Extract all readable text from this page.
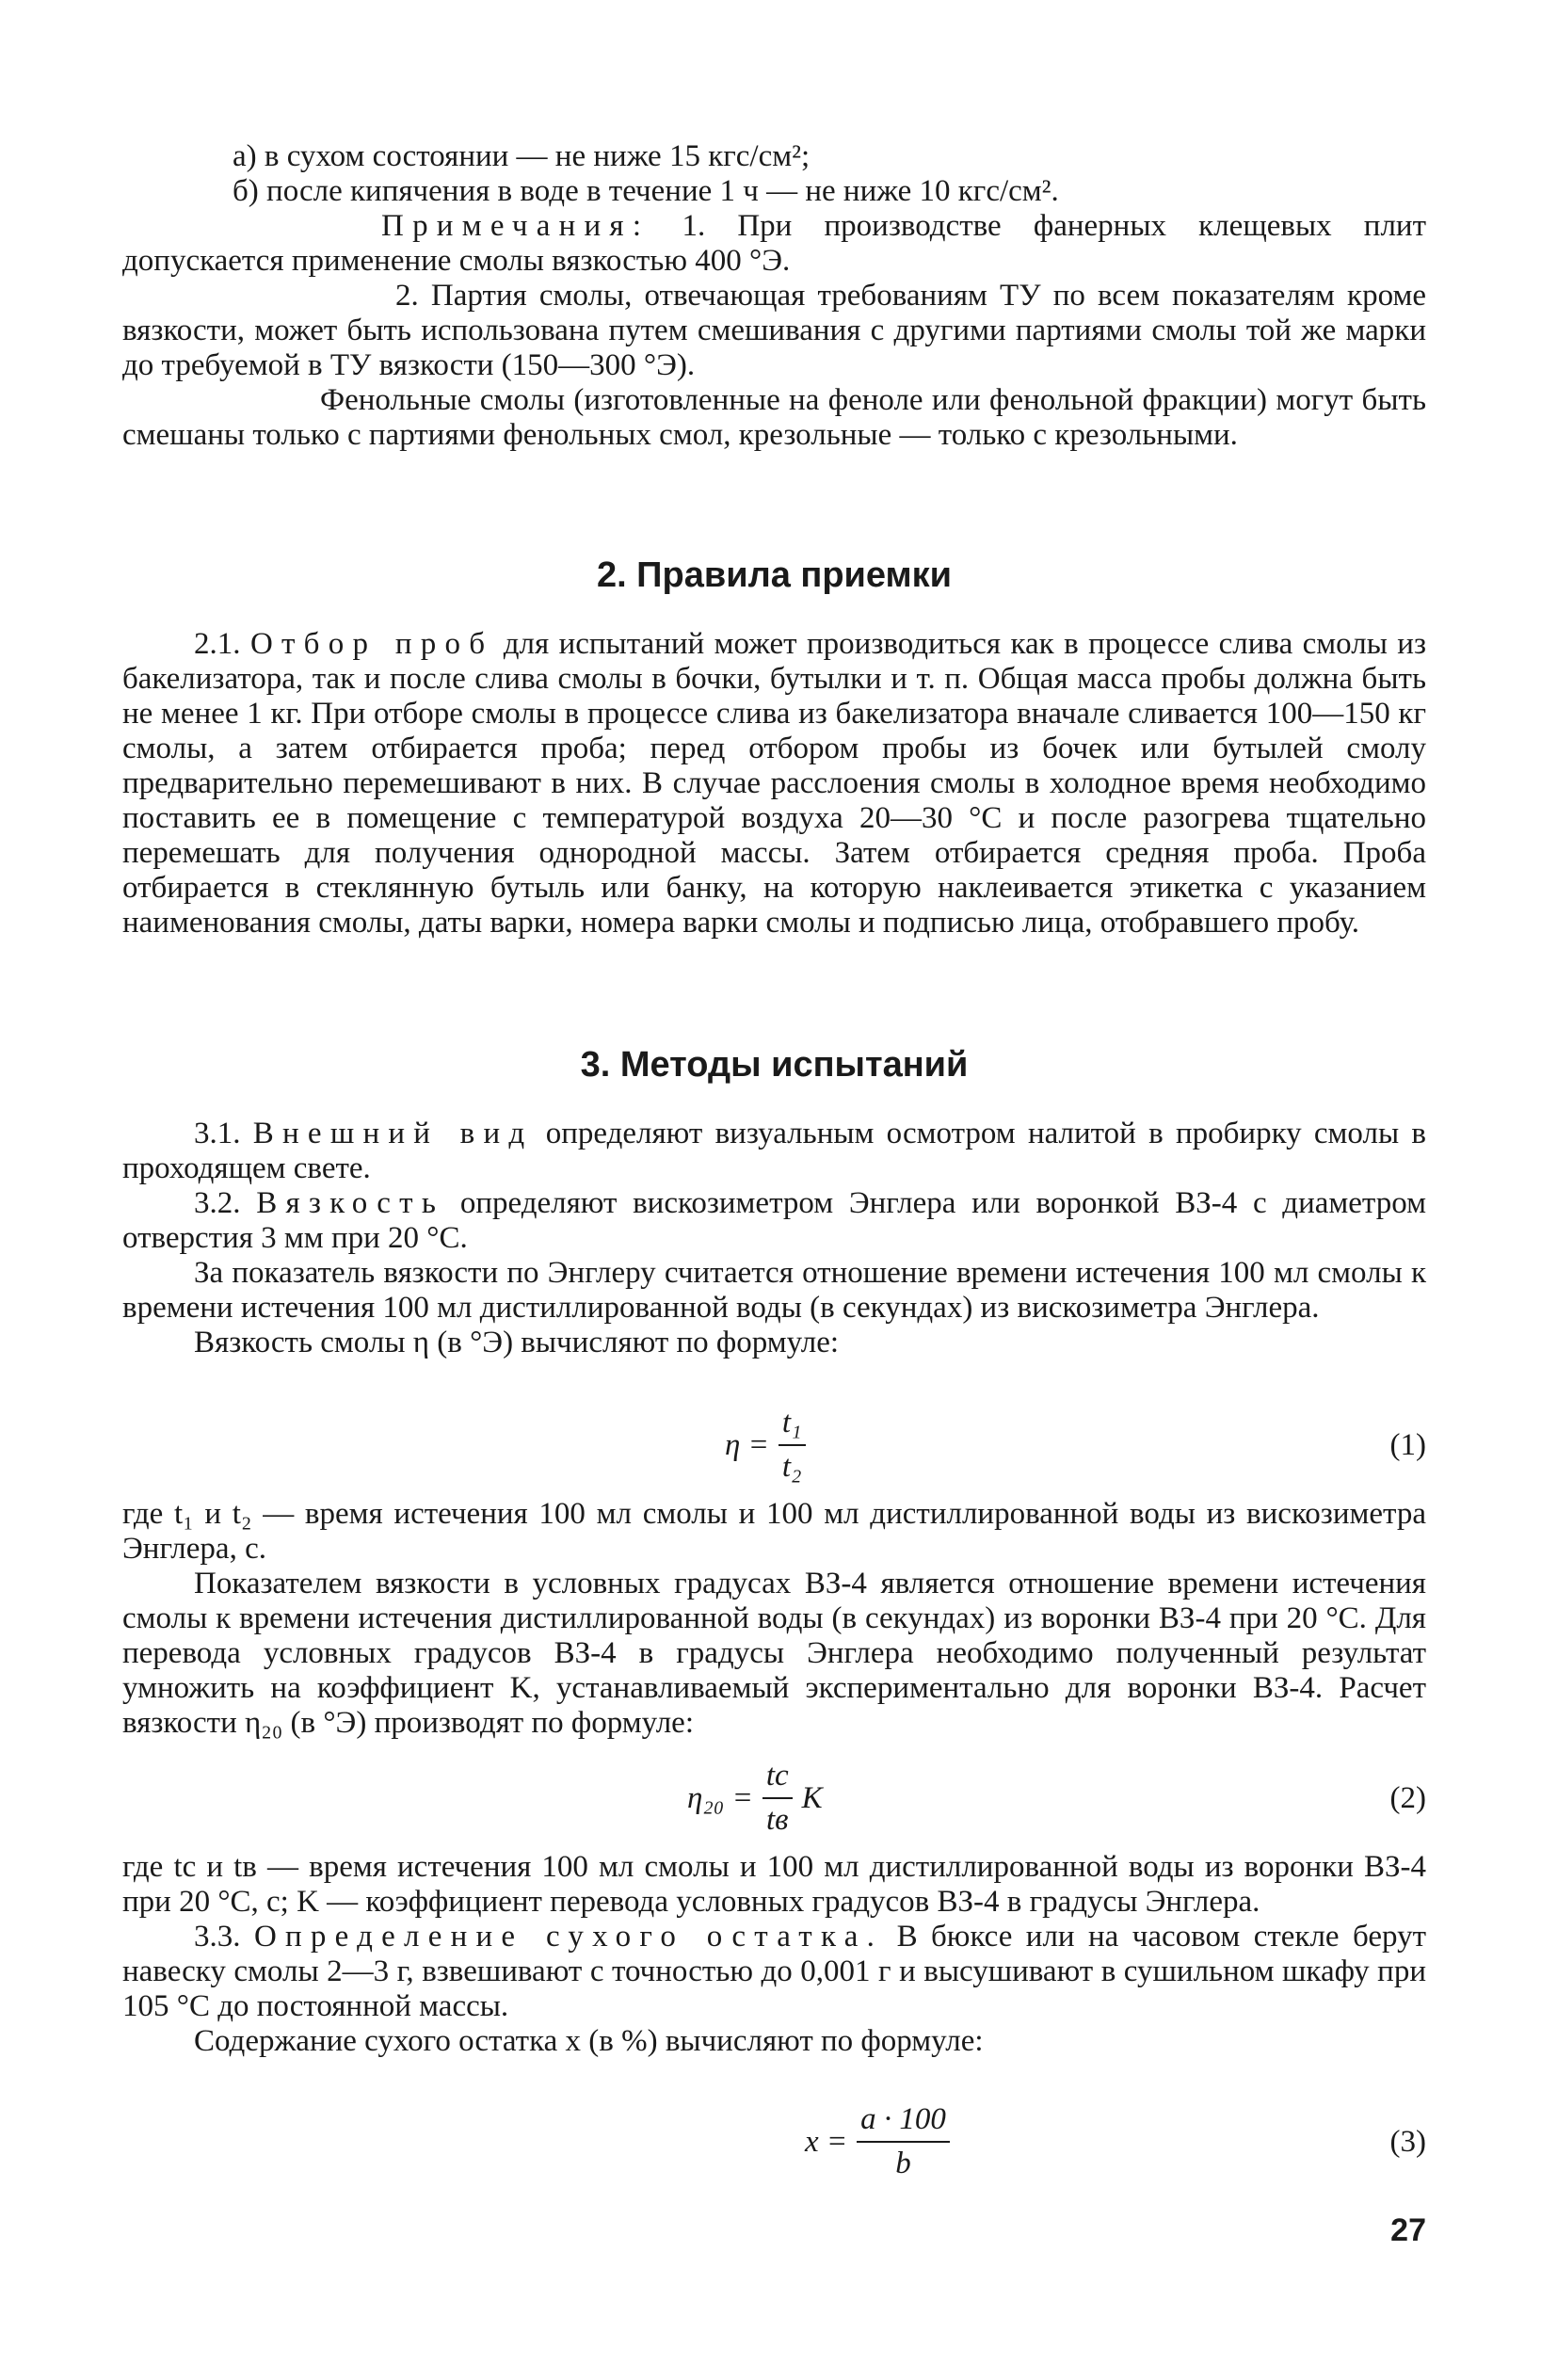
а) в сухом состоянии — не ниже 15 кгс/см²;

б) после кипячения в воде в течение 1 ч — не ниже 10 кгс/см².

Примечания: 1. При производстве фанерных клещевых плит допускается применение смолы вязкостью 400 °Э.

2. Партия смолы, отвечающая требованиям ТУ по всем показателям кроме вязкости, может быть использована путем смешивания с другими партиями смолы той же марки до требуемой в ТУ вязкости (150—300 °Э).

Фенольные смолы (изготовленные на феноле или фенольной фракции) могут быть смешаны только с партиями фенольных смол, крезольные — только с крезольными.

2. Правила приемки

2.1. Отбор проб для испытаний может производиться как в процессе слива смолы из бакелизатора, так и после слива смолы в бочки, бутылки и т. п. Общая масса пробы должна быть не менее 1 кг. При отборе смолы в процессе слива из бакелизатора вначале сливается 100—150 кг смолы, а затем отбирается проба; перед отбором пробы из бочек или бутылей смолу предварительно перемешивают в них. В случае расслоения смолы в холодное время необходимо поставить ее в помещение с температурой воздуха 20—30 °С и после разогрева тщательно перемешать для получения однородной массы. Затем отбирается средняя проба. Проба отбирается в стеклянную бутыль или банку, на которую наклеивается этикетка с указанием наименования смолы, даты варки, номера варки смолы и подписью лица, отобравшего пробу.

3. Методы испытаний

3.1. Внешний вид определяют визуальным осмотром налитой в пробирку смолы в проходящем свете.

3.2. Вязкость определяют вискозиметром Энглера или воронкой ВЗ-4 с диаметром отверстия 3 мм при 20 °С.

За показатель вязкости по Энглеру считается отношение времени истечения 100 мл смолы к времени истечения 100 мл дистиллированной воды (в секундах) из вискозиметра Энглера.

Вязкость смолы η (в °Э) вычисляют по формуле:

$\eta = \frac{\text{t₁}}{\text{t₂}}$	(1)

где t₁ и t₂ — время истечения 100 мл смолы и 100 мл дистиллированной воды из вискозиметра Энглера, с.

Показателем вязкости в условных градусах ВЗ-4 является отношение времени истечения смолы к времени истечения дистиллированной воды (в секундах) из воронки ВЗ-4 при 20 °С. Для перевода условных градусов ВЗ-4 в градусы Энглера необходимо полученный результат умножить на коэффициент K, устанавливаемый экспериментально для воронки ВЗ-4. Расчет вязкости η₂₀ (в °Э) производят по формуле:

$\eta_{20} = \frac{tс}{tв}$ K	(2)

где tс и tв — время истечения 100 мл смолы и 100 мл дистиллированной воды из воронки ВЗ-4 при 20 °С, с; K — коэффициент перевода условных градусов ВЗ-4 в градусы Энглера.

3.3. Определение сухого остатка. В бюксе или на часовом стекле берут навеску смолы 2—3 г, взвешивают с точностью до 0,001 г и высушивают в сушильном шкафу при 105 °С до постоянной массы.

Содержание сухого остатка x (в %) вычисляют по формуле:

$x = \frac{a \cdot 100}{b}$	(3)
27
